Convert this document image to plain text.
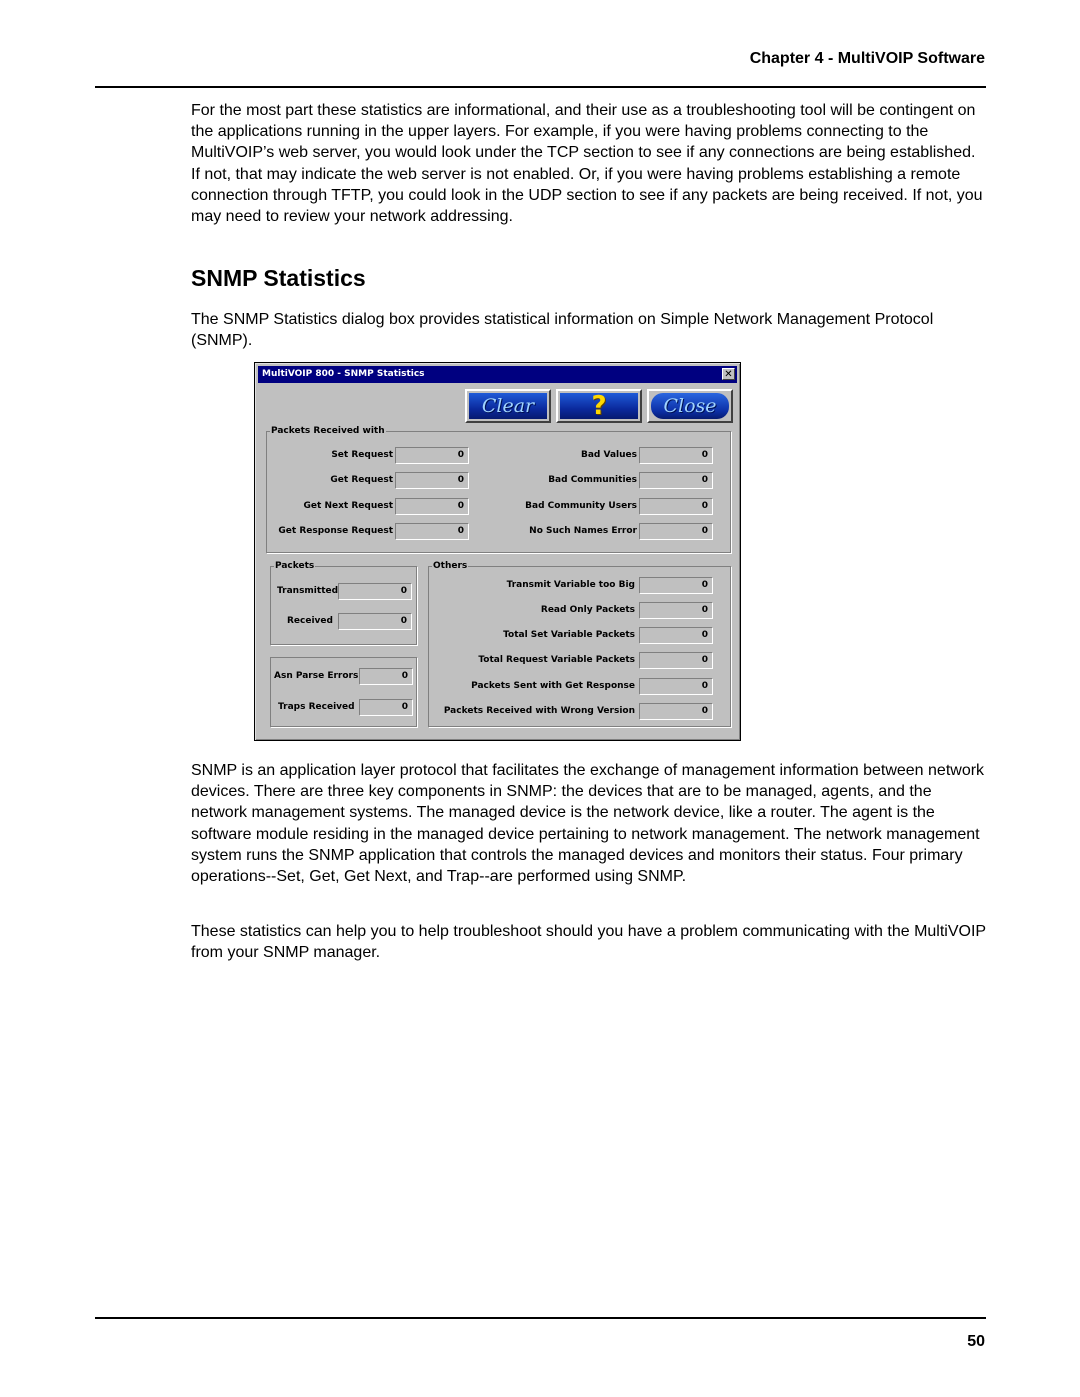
Chapter 4 - MultiVOIP Software

For the most part these statistics are informational, and their use as a troubleshooting tool will be contingent on the applications running in the upper layers. For example, if you were having problems connecting to the MultiVOIP’s web server, you would look under the TCP section to see if any connections are being established. If not, that may indicate the web server is not enabled. Or, if you were having problems establishing a remote connection through TFTP, you could look in the UDP section to see if any packets are being received. If not, you may need to review your network addressing.

SNMP Statistics

The SNMP Statistics dialog box provides statistical information on Simple Network Management Protocol (SNMP).

MultiVOIP 800 - SNMP Statistics	✕
Clear	?	Close
Packets Received with
Set Request	0
Get Request	0
Get Next Request	0
Get Response Request	0
Bad Values	0
Bad Communities	0
Bad Community Users	0
No Such Names Error	0
Packets
Transmitted	0
Received	0
Asn Parse Errors	0
Traps Received	0
Others
Transmit Variable too Big	0
Read Only Packets	0
Total Set Variable Packets	0
Total Request Variable Packets	0
Packets Sent with Get Response	0
Packets Received with Wrong Version	0

SNMP is an application layer protocol that facilitates the exchange of management information between network devices. There are three key components in SNMP: the devices that are to be managed, agents, and the network management systems. The managed device is the network device, like a router. The agent is the software module residing in the managed device pertaining to network management. The network management system runs the SNMP application that controls the managed devices and monitors their status. Four primary operations--Set, Get, Get Next, and Trap--are performed using SNMP.

These statistics can help you to help troubleshoot should you have a problem communicating with the MultiVOIP from your SNMP manager.

50
